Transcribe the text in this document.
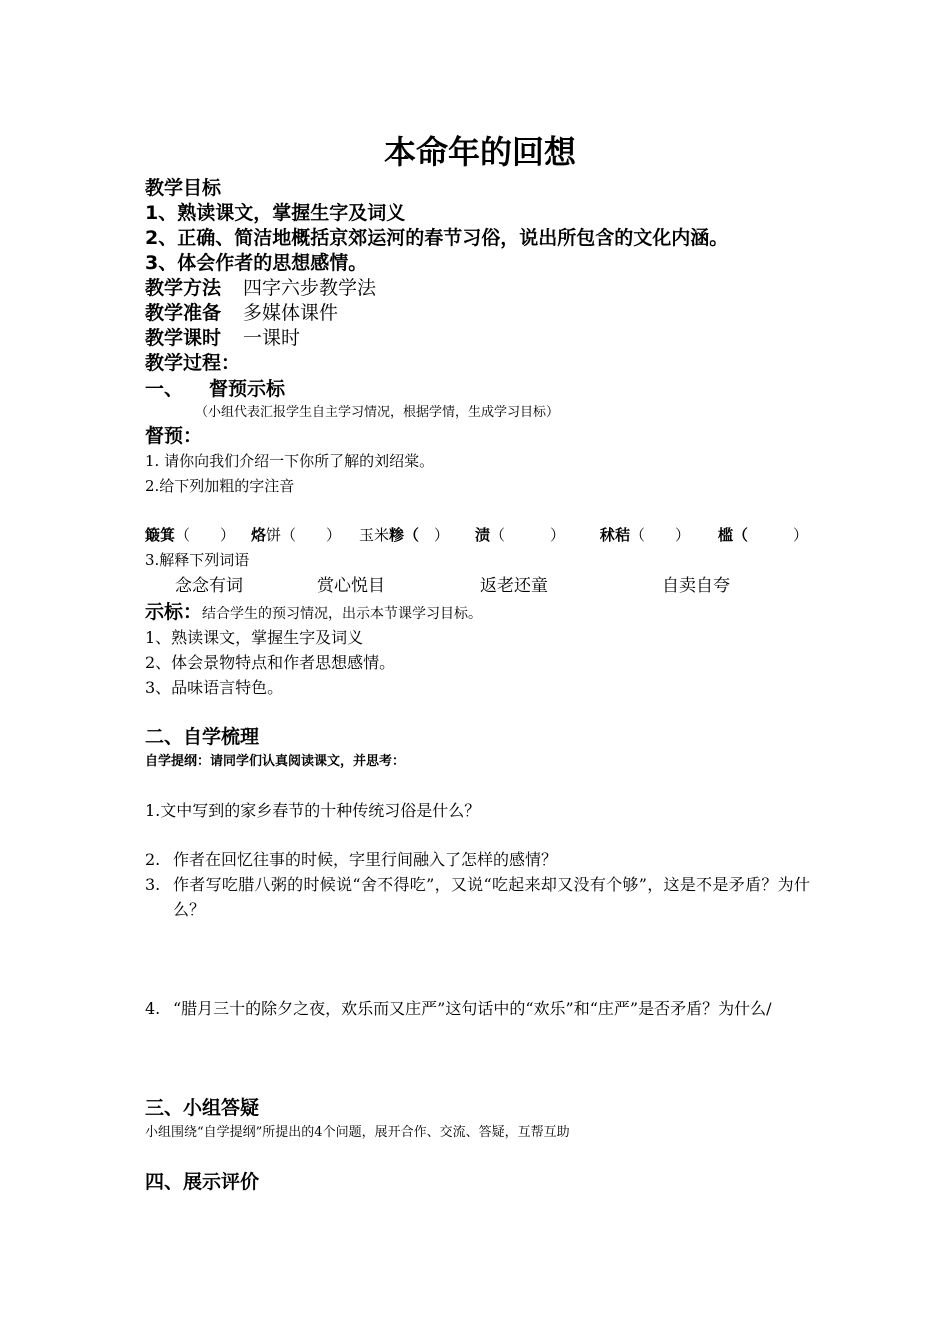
本命年的回想
教学目标
1、熟读课文，掌握生字及词义
2、正确、简洁地概括京郊运河的春节习俗，说出所包含的文化内涵。
3、体会作者的思想感情。
教学方法 四字六步教学法
教学准备 多媒体课件
教学课时 一课时
教学过程：
一、 督预示标
（小组代表汇报学生自主学习情况，根据学情，生成学习目标）
督预：
1. 请你向我们介绍一下你所了解的刘绍棠。
2.给下列加粗的字注音
簸箕（　　） 烙饼（　　） 玉米糁（　） 渍（　　　） 秫秸（　　） 槛（　　　）
3.解释下列词语
念念有词	赏心悦目	返老还童	自卖自夸
示标：结合学生的预习情况，出示本节课学习目标。
1、熟读课文，掌握生字及词义
2、体会景物特点和作者思想感情。
3、品味语言特色。
二、自学梳理
自学提纲：请同学们认真阅读课文，并思考：
1.文中写到的家乡春节的十种传统习俗是什么？
2. 作者在回忆往事的时候，字里行间融入了怎样的感情？
3. 作者写吃腊八粥的时候说“舍不得吃”，又说“吃起来却又没有个够”，这是不是矛盾？为什么？
4. “腊月三十的除夕之夜，欢乐而又庄严”这句话中的“欢乐”和“庄严”是否矛盾？为什么/
三、小组答疑
小组围绕“自学提纲”所提出的4个问题，展开合作、交流、答疑，互帮互助
四、展示评价
